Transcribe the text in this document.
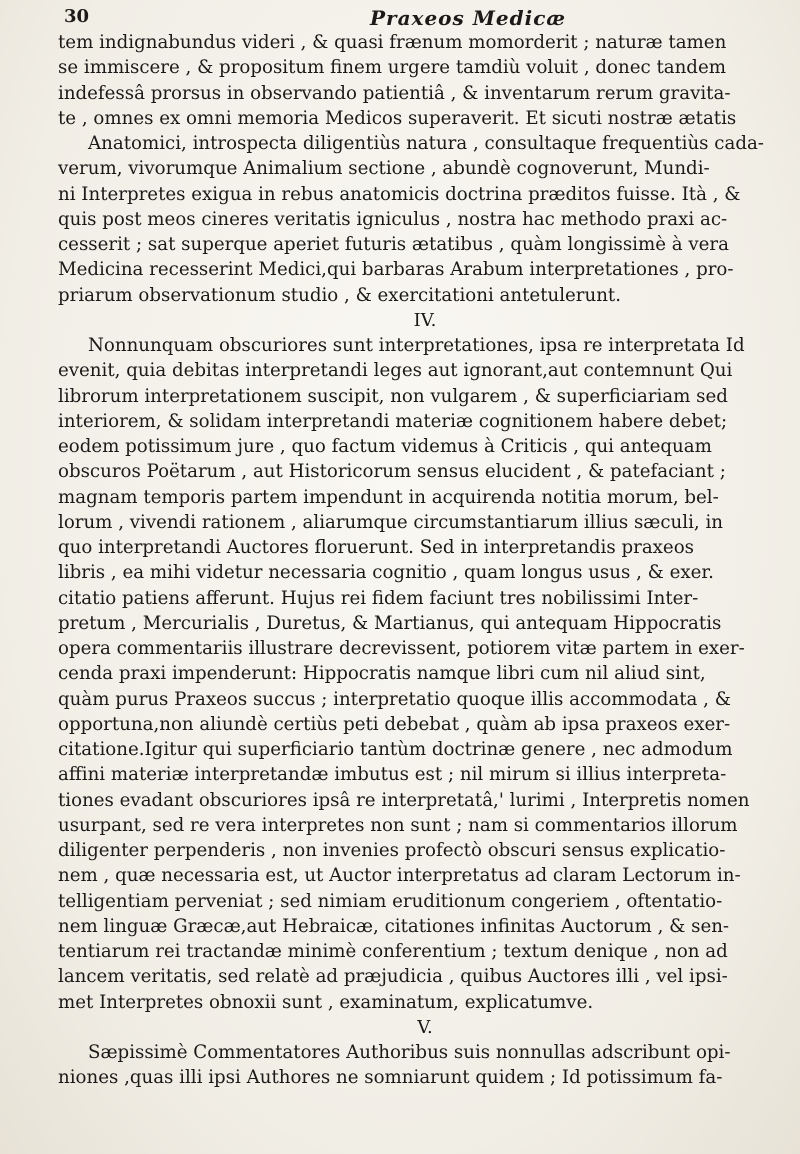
30	Praxeos Medicæ
tem indignabundus videri , & quasi frænum momorderit ; naturæ tamen
se immiscere , & propositum finem urgere tamdiù voluit , donec tandem
indefessâ prorsus in observando patientiâ , & inventarum rerum gravita-
te , omnes ex omni memoria Medicos superaverit. Et sicuti nostræ ætatis
Anatomici, introspecta diligentiùs natura , consultaque frequentiùs cada-
verum, vivorumque Animalium sectione , abundè cognoverunt, Mundi-
ni Interpretes exigua in rebus anatomicis doctrina præditos fuisse. Ità , &
quis post meos cineres veritatis igniculus , nostra hac methodo praxi ac-
cesserit ; sat superque aperiet futuris ætatibus , quàm longissimè à vera
Medicina recesserint Medici,qui barbaras Arabum interpretationes , pro-
priarum observationum studio , & exercitationi antetulerunt.
IV.
Nonnunquam obscuriores sunt interpretationes, ipsa re interpretata Id
evenit, quia debitas interpretandi leges aut ignorant,aut contemnunt Qui
librorum interpretationem suscipit, non vulgarem , & superficiariam sed
interiorem, & solidam interpretandi materiæ cognitionem habere debet;
eodem potissimum jure , quo factum videmus à Criticis , qui antequam
obscuros Poëtarum , aut Historicorum sensus elucident , & patefaciant ;
magnam temporis partem impendunt in acquirenda notitia morum, bel-
lorum , vivendi rationem , aliarumque circumstantiarum illius sæculi, in
quo interpretandi Auctores floruerunt. Sed in interpretandis praxeos
libris , ea mihi videtur necessaria cognitio , quam longus usus , & exer.
citatio patiens afferunt. Hujus rei fidem faciunt tres nobilissimi Inter-
pretum , Mercurialis , Duretus, & Martianus, qui antequam Hippocratis
opera commentariis illustrare decrevissent, potiorem vitæ partem in exer-
cenda praxi impenderunt: Hippocratis namque libri cum nil aliud sint,
quàm purus Praxeos succus ; interpretatio quoque illis accommodata , &
opportuna,non aliundè certiùs peti debebat , quàm ab ipsa praxeos exer-
citatione.Igitur qui superficiario tantùm doctrinæ genere , nec admodum
affini materiæ interpretandæ imbutus est ; nil mirum si illius interpreta-
tiones evadant obscuriores ipsâ re interpretatâ,' lurimi , Interpretis nomen
usurpant, sed re vera interpretes non sunt ; nam si commentarios illorum
diligenter perpenderis , non invenies profectò obscuri sensus explicatio-
nem , quæ necessaria est, ut Auctor interpretatus ad claram Lectorum in-
telligentiam perveniat ; sed nimiam eruditionum congeriem , oftentatio-
nem linguæ Græcæ,aut Hebraicæ, citationes infinitas Auctorum , & sen-
tentiarum rei tractandæ minimè conferentium ; textum denique , non ad
lancem veritatis, sed relatè ad præjudicia , quibus Auctores illi , vel ipsi-
met Interpretes obnoxii sunt , examinatum, explicatumve.
V.
Sæpissimè Commentatores Authoribus suis nonnullas adscribunt opi-
niones ,quas illi ipsi Authores ne somniarunt quidem ; Id potissimum fa-
